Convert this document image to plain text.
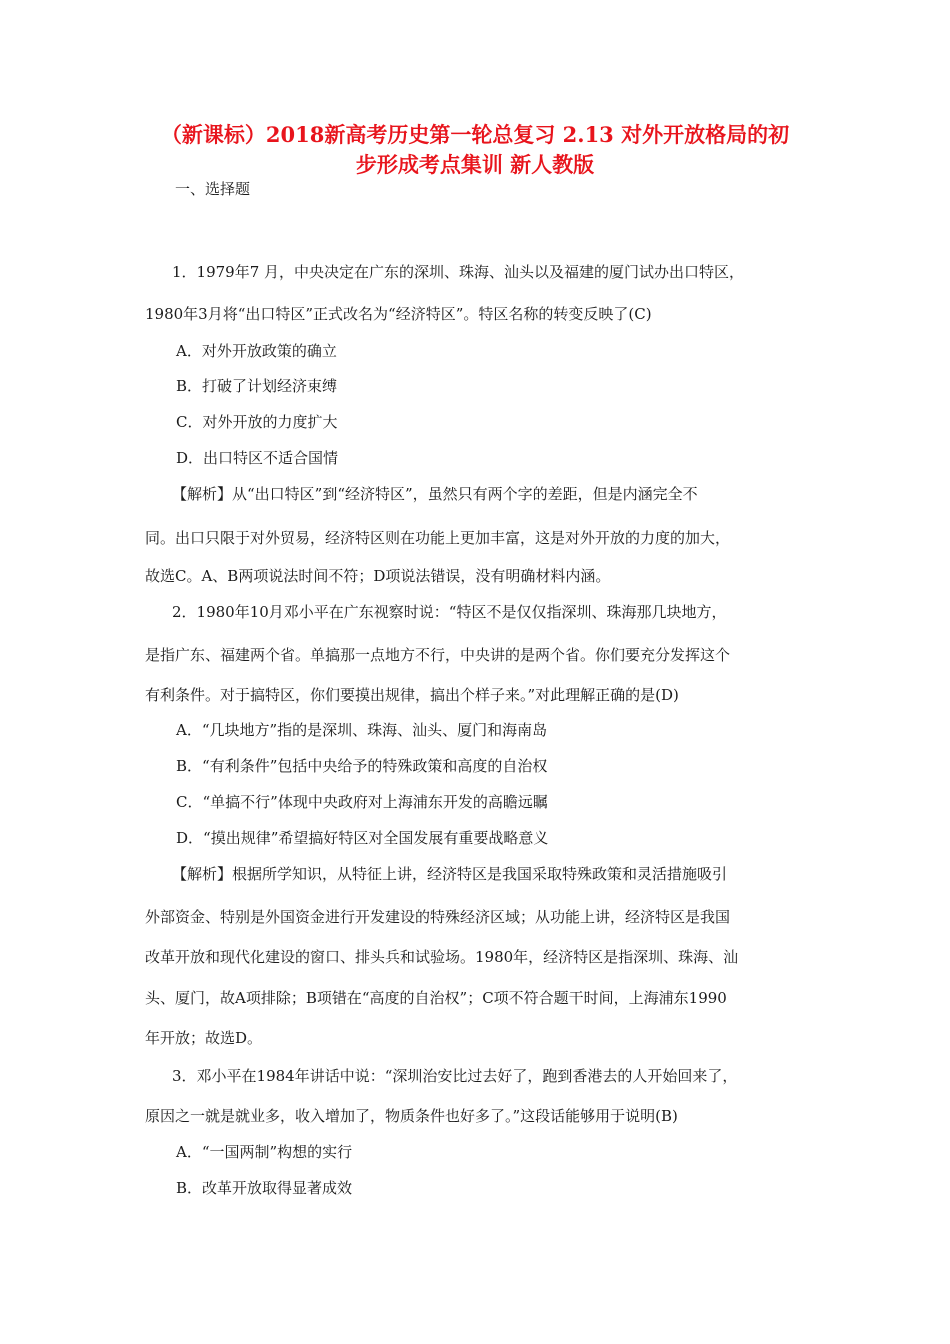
（新课标）2018新高考历史第一轮总复习 2.13 对外开放格局的初
步形成考点集训 新人教版
一、选择题
1．1979年7 月，中央决定在广东的深圳、珠海、汕头以及福建的厦门试办出口特区，
1980年3月将“出口特区”正式改名为“经济特区”。特区名称的转变反映了(C)
A．对外开放政策的确立
B．打破了计划经济束缚
C．对外开放的力度扩大
D．出口特区不适合国情
【解析】从“出口特区”到“经济特区”，虽然只有两个字的差距，但是内涵完全不
同。出口只限于对外贸易，经济特区则在功能上更加丰富，这是对外开放的力度的加大，
故选C。A、B两项说法时间不符；D项说法错误，没有明确材料内涵。
2．1980年10月邓小平在广东视察时说：“特区不是仅仅指深圳、珠海那几块地方，
是指广东、福建两个省。单搞那一点地方不行，中央讲的是两个省。你们要充分发挥这个
有利条件。对于搞特区，你们要摸出规律，搞出个样子来。”对此理解正确的是(D)
A．“几块地方”指的是深圳、珠海、汕头、厦门和海南岛
B．“有利条件”包括中央给予的特殊政策和高度的自治权
C．“单搞不行”体现中央政府对上海浦东开发的高瞻远瞩
D．“摸出规律”希望搞好特区对全国发展有重要战略意义
【解析】根据所学知识，从特征上讲，经济特区是我国采取特殊政策和灵活措施吸引
外部资金、特别是外国资金进行开发建设的特殊经济区域；从功能上讲，经济特区是我国
改革开放和现代化建设的窗口、排头兵和试验场。1980年，经济特区是指深圳、珠海、汕
头、厦门，故A项排除；B项错在“高度的自治权”；C项不符合题干时间，上海浦东1990
年开放；故选D。
3．邓小平在1984年讲话中说：“深圳治安比过去好了，跑到香港去的人开始回来了，
原因之一就是就业多，收入增加了，物质条件也好多了。”这段话能够用于说明(B)
A．“一国两制”构想的实行
B．改革开放取得显著成效
